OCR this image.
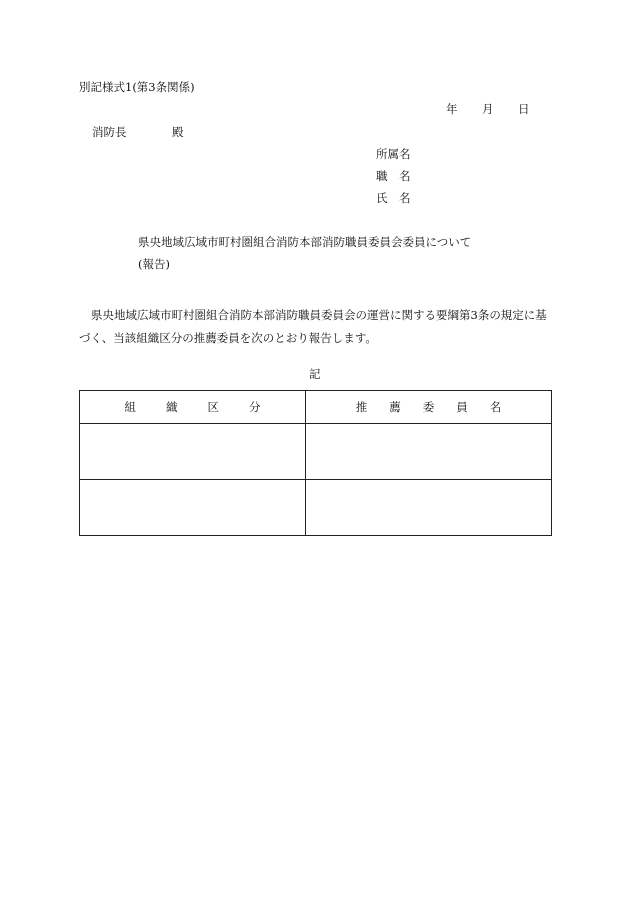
別記様式1(第3条関係)
年 月 日
消防長	殿
所属名
職　名
氏　名
県央地域広域市町村圏組合消防本部消防職員委員会委員について
(報告)
県央地域広域市町村圏組合消防本部消防職員委員会の運営に関する要綱第3条の規定に基づく、当該組織区分の推薦委員を次のとおり報告します。
記
組 織 区 分	推 薦 委 員 名
